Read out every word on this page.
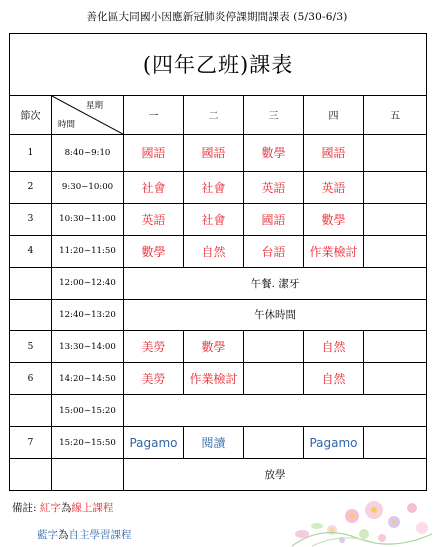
善化區大同國小因應新冠肺炎停課期間課表 (5/30-6/3)
(四年乙班)課表						
節次	星期
時間	一	二	三	四	五
1	8:40~9:10	國語	國語	數學	國語	
2	9:30~10:00	社會	社會	英語	英語	
3	10:30~11:00	英語	社會	國語	數學	
4	11:20~11:50	數學	自然	台語	作業檢討	
	12:00~12:40	午餐. 潔牙				
	12:40~13:20	午休時間				
5	13:30~14:00	美勞	數學		自然	
6	14:20~14:50	美勞	作業檢討		自然	
	15:00~15:20					
7	15:20~15:50	Pagamo	閱讀		Pagamo	
		放學				
備註: 紅字為線上課程
藍字為自主學習課程
